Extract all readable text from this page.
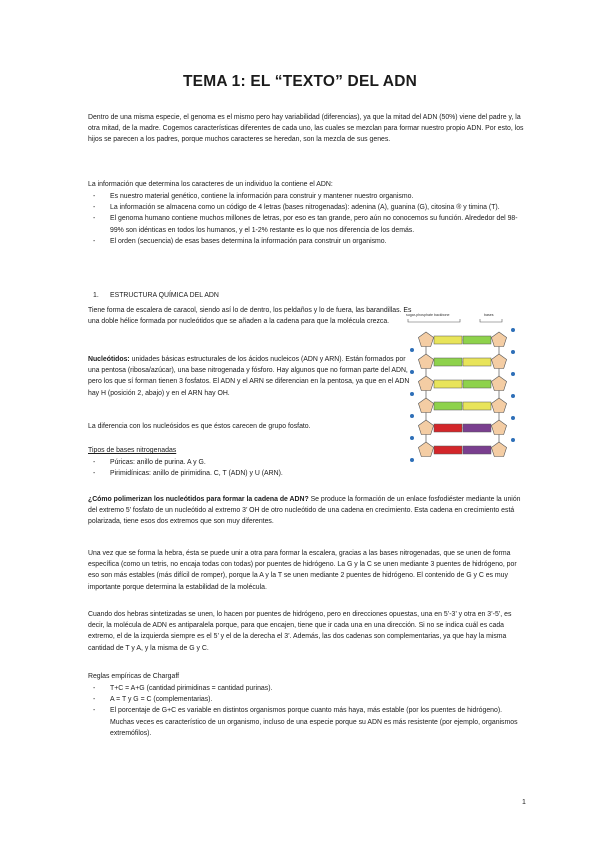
TEMA 1: EL “TEXTO” DEL ADN

Dentro de una misma especie, el genoma es el mismo pero hay variabilidad (diferencias), ya que la mitad del ADN (50%) viene del padre y, la otra mitad, de la madre. Cogemos características diferentes de cada uno, las cuales se mezclan para formar nuestro propio ADN. Por esto, los hijos se parecen a los padres, porque muchos caracteres se heredan, son la mezcla de sus genes.

La información que determina los caracteres de un individuo la contiene el ADN:

- Es nuestro material genético, contiene la información para construir y mantener nuestro organismo.
- La información se almacena como un código de 4 letras (bases nitrogenadas): adenina (A), guanina (G), citosina ® y timina (T).
- El genoma humano contiene muchos millones de letras, por eso es tan grande, pero aún no conocemos su función. Alrededor del 98-99% son idénticas en todos los humanos, y el 1-2% restante es lo que nos diferencia de los demás.
- El orden (secuencia) de esas bases determina la información para construir un organismo.
1. ESTRUCTURA QUÍMICA DEL ADN

Tiene forma de escalera de caracol, siendo así lo de dentro, los peldaños y lo de fuera, las barandillas. Es una doble hélice formada por nucleótidos que se añaden a la cadena para que la molécula crezca.

Nucleótidos: unidades básicas estructurales de los ácidos nucleicos (ADN y ARN). Están formados por una pentosa (ribosa/azúcar), una base nitrogenada y fósforo. Hay algunos que no forman parte del ADN, pero los que sí forman tienen 3 fosfatos. El ADN y el ARN se diferencian en la pentosa, ya que en el ADN hay H (posición 2, abajo) y en el ARN hay OH.

La diferencia con los nucleósidos es que éstos carecen de grupo fosfato.

Tipos de bases nitrogenadas

- Púricas: anillo de purina. A y G.
- Pirimidínicas: anillo de pirimidina. C, T (ADN) y U (ARN).

¿Cómo polimerizan los nucleótidos para formar la cadena de ADN? Se produce la formación de un enlace fosfodiéster mediante la unión del extremo 5’ fosfato de un nucleótido al extremo 3’ OH de otro nucleótido de una cadena en crecimiento. Esta cadena en crecimiento está polarizada, tiene esos dos extremos que son muy diferentes.

Una vez que se forma la hebra, ésta se puede unir a otra para formar la escalera, gracias a las bases nitrogenadas, que se unen de forma específica (como un tetris, no encaja todas con todas) por puentes de hidrógeno. La G y la C se unen mediante 3 puentes de hidrógeno, por eso son más estables (más difícil de romper), porque la A y la T se unen mediante 2 puentes de hidrógeno. El contenido de G y C es muy importante porque determina la estabilidad de la molécula.

Cuando dos hebras sintetizadas se unen, lo hacen por puentes de hidrógeno, pero en direcciones opuestas, una en 5’-3’ y otra en 3’-5’, es decir, la molécula de ADN es antiparalela porque, para que encajen, tiene que ir cada una en una dirección. Si no se indica cuál es cada extremo, el de la izquierda siempre es el 5’ y el de la derecha el 3’. Además, las dos cadenas son complementarias, ya que hay la misma cantidad de T y A, y la misma de G y C.

Reglas empíricas de Chargaff

- T+C = A+G (cantidad pirimidinas = cantidad purinas).
- A = T y G = C (complementarias).
- El porcentaje de G+C es variable en distintos organismos porque cuanto más haya, más estable (por los puentes de hidrógeno). Muchas veces es característico de un organismo, incluso de una especie porque su ADN es más resistente (por ejemplo, organismos extremófilos).
1
sugar-phosphate backbone	bases
